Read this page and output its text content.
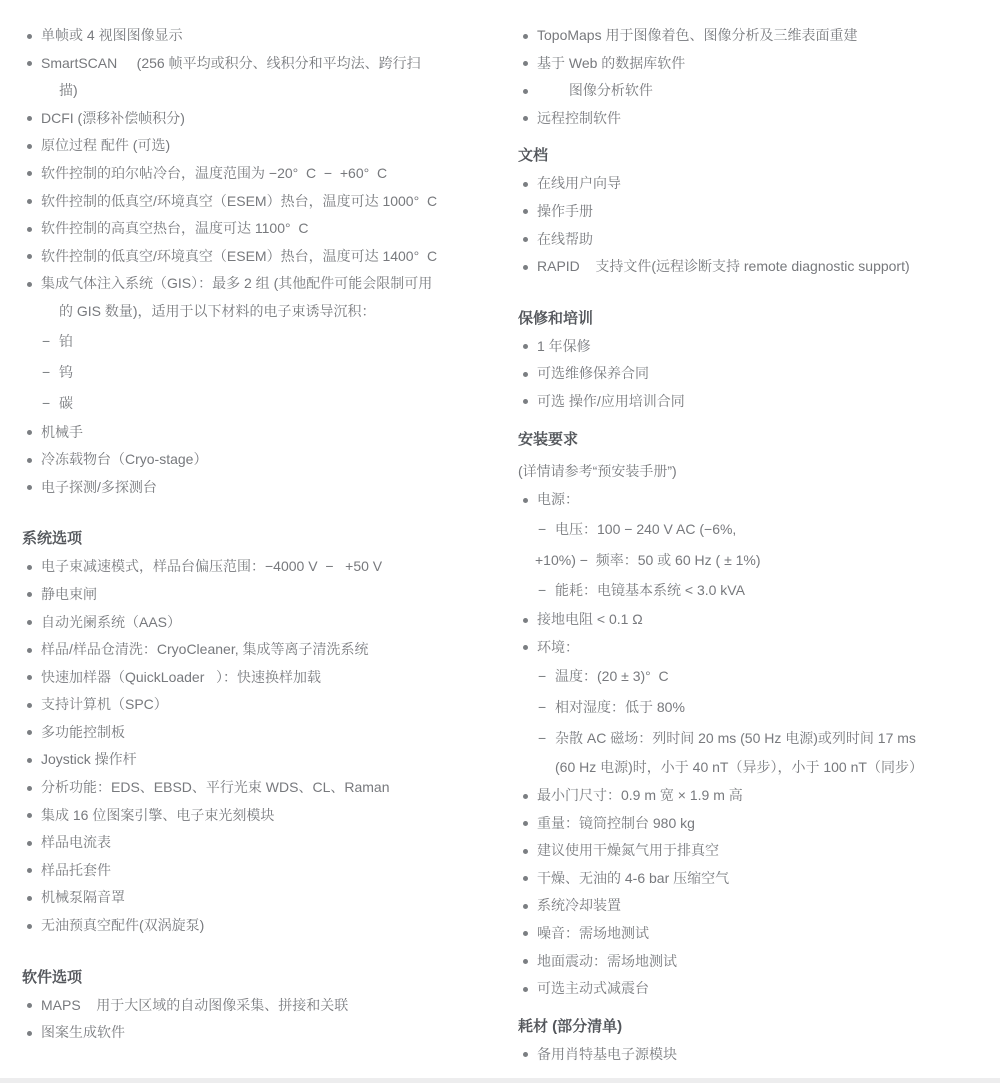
单帧或 4 视图图像显示
SmartSCAN     (256 帧平均或积分、线积分和平均法、跨行扫
描)
DCFI (漂移补偿帧积分)
原位过程 配件 (可选)
软件控制的珀尔帖冷台，温度范围为 −20°  C  −  +60°  C
软件控制的低真空/环境真空（ESEM）热台，温度可达 1000°  C
软件控制的高真空热台，温度可达 1100°  C
软件控制的低真空/环境真空（ESEM）热台，温度可达 1400°  C
集成气体注入系统（GIS）：最多 2 组 (其他配件可能会限制可用
的 GIS 数量)，适用于以下材料的电子束诱导沉积：
− 铂
− 钨
− 碳
机械手
冷冻载物台（Cryo-stage）
电子探测/多探测台
系统选项
电子束减速模式，样品台偏压范围：−4000 V  −   +50 V
静电束闸
自动光阑系统（AAS）
样品/样品仓清洗：CryoCleaner, 集成等离子清洗系统
快速加样器（QuickLoader   ）：快速换样加载
支持计算机（SPC）
多功能控制板
Joystick 操作杆
分析功能：EDS、EBSD、平行光束 WDS、CL、Raman
集成 16 位图案引擎、电子束光刻模块
样品电流表
样品托套件
机械泵隔音罩
无油预真空配件(双涡旋泵)
软件选项
MAPS    用于大区域的自动图像采集、拼接和关联
图案生成软件
TopoMaps 用于图像着色、图像分析及三维表面重建
基于 Web 的数据库软件
　　 图像分析软件
远程控制软件
文档
在线用户向导
操作手册
在线帮助
RAPID    支持文件(远程诊断支持 remote diagnostic support)
保修和培训
1 年保修
可选维修保养合同
可选 操作/应用培训合同
安装要求
(详情请参考“预安装手册”)
电源：
− 电压：100 − 240 V AC (−6%,
+10%) −  频率：50 或 60 Hz ( ± 1%)
− 能耗：电镜基本系统 < 3.0 kVA
接地电阻 < 0.1 Ω
环境：
− 温度：(20 ± 3)°  C
− 相对湿度：低于 80%
− 杂散 AC 磁场：列时间 20 ms (50 Hz 电源)或列时间 17 ms
(60 Hz 电源)时，小于 40 nT（异步），小于 100 nT（同步）
最小门尺寸：0.9 m 宽 × 1.9 m 高
重量：镜筒控制台 980 kg
建议使用干燥氮气用于排真空
干燥、无油的 4-6 bar 压缩空气
系统冷却装置
噪音：需场地测试
地面震动：需场地测试
可选主动式减震台
耗材 (部分清单)
备用肖特基电子源模块
